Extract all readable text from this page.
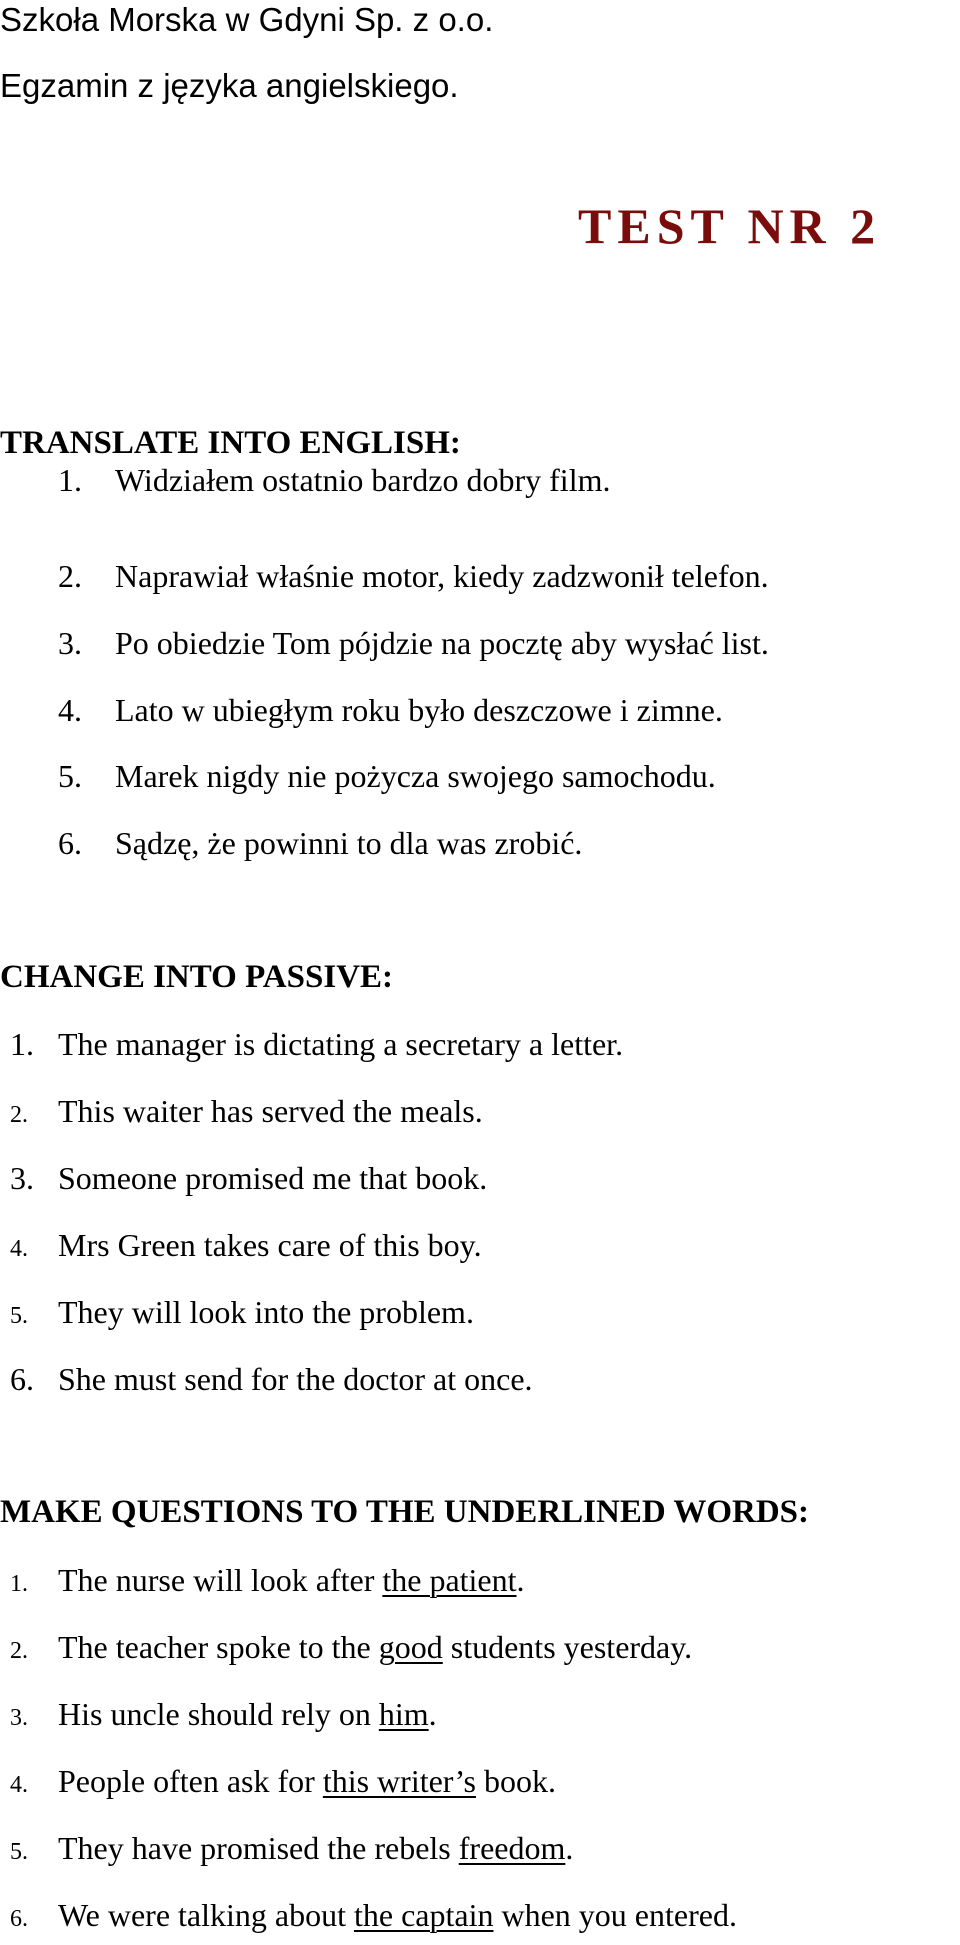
Szkoła Morska w Gdyni Sp. z o.o.
Egzamin z języka angielskiego.
TEST NR 2
TRANSLATE INTO ENGLISH:
1. Widziałem ostatnio bardzo dobry film.
2. Naprawiał właśnie motor, kiedy zadzwonił telefon.
3. Po obiedzie Tom pójdzie na pocztę aby wysłać list.
4. Lato w ubiegłym roku było deszczowe i zimne.
5. Marek nigdy nie pożycza swojego samochodu.
6. Sądzę, że powinni to dla was zrobić.
CHANGE INTO PASSIVE:
1. The manager is dictating a secretary a letter.
2. This waiter has served the meals.
3. Someone promised me that book.
4. Mrs Green takes care of this boy.
5. They will look into the problem.
6. She must send for the doctor at once.
MAKE QUESTIONS TO THE UNDERLINED WORDS:
1. The nurse will look after the patient.
2. The teacher spoke to the good students yesterday.
3. His uncle should rely on him.
4. People often ask for this writer’s book.
5. They have promised the rebels freedom.
6. We were talking about the captain when you entered.
